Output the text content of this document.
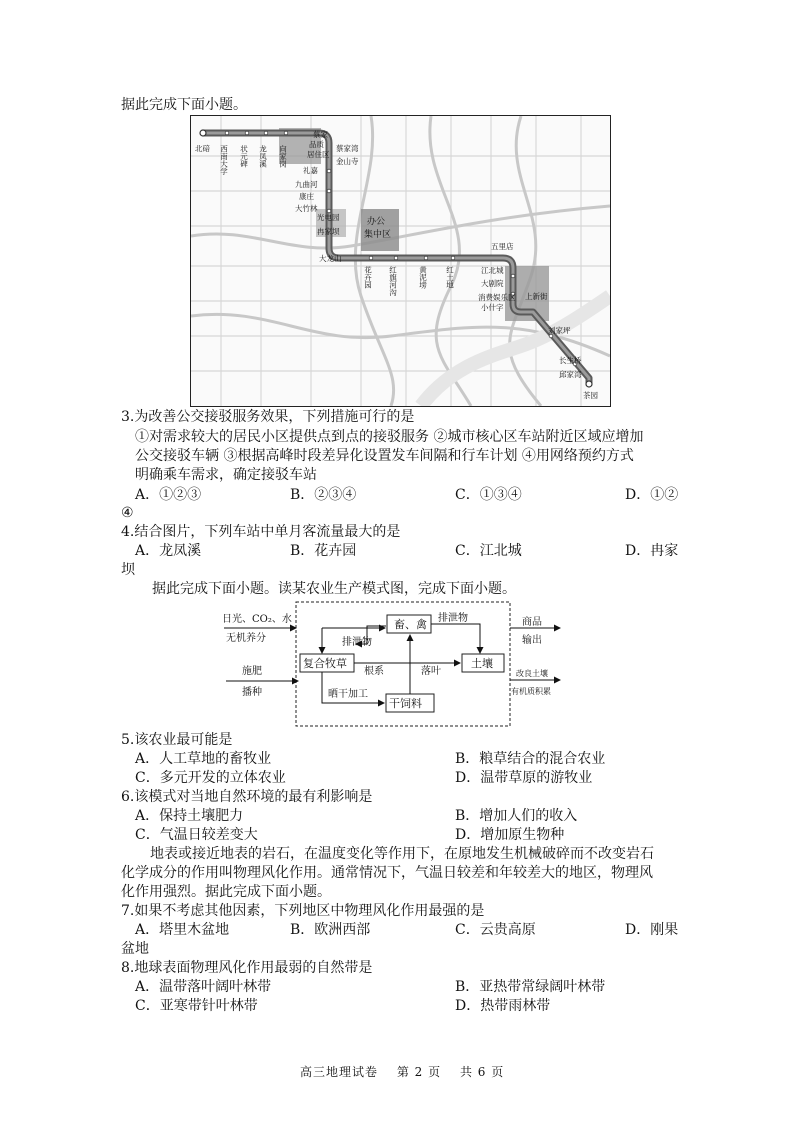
据此完成下面小题。
北碚 西南大学 状元碑 龙凤溪 向家岗
蔡家
品质
居住区
蔡家湾
金山寺
礼嘉
九曲河
康庄
大竹林
光电园
冉家坝
办公
集中区
大龙山
花卉园 红旗河沟	黄泥塝 红土地
五里店
江北城
大剧院
消费娱乐区 上新街
小什字
刘家坪
长生桥
邱家湾
茶园
3.为改善公交接驳服务效果，下列措施可行的是
①对需求较大的居民小区提供点到点的接驳服务 ②城市核心区车站附近区域应增加
公交接驳车辆 ③根据高峰时段差异化设置发车间隔和行车计划 ④用网络预约方式
明确乘车需求，确定接驳车站
A．①②③	B．②③④	C．①③④	D．①②
④
4.结合图片，下列车站中单月客流量最大的是
A．龙凤溪	B．花卉园	C．江北城	D．冉家
坝
据此完成下面小题。读某农业生产模式图，完成下面小题。
畜、禽
复合牧草	土壤
干饲料
日光、CO₂、水
无机养分
施肥
播种
排泄物
排泄物
根系	落叶
晒干加工
商品
输出
改良土壤
有机质积累
5.该农业最可能是
A．人工草地的畜牧业	B．粮草结合的混合农业
C．多元开发的立体农业	D．温带草原的游牧业
6.该模式对当地自然环境的最有利影响是
A．保持土壤肥力	B．增加人们的收入
C．气温日较差变大	D．增加原生物种
地表或接近地表的岩石，在温度变化等作用下，在原地发生机械破碎而不改变岩石
化学成分的作用叫物理风化作用。通常情况下，气温日较差和年较差大的地区，物理风
化作用强烈。据此完成下面小题。
7.如果不考虑其他因素，下列地区中物理风化作用最强的是
A．塔里木盆地	B．欧洲西部	C．云贵高原	D．刚果
盆地
8.地球表面物理风化作用最弱的自然带是
A．温带落叶阔叶林带	B．亚热带常绿阔叶林带
C．亚寒带针叶林带	D．热带雨林带
高三地理试卷 第 2 页 共 6 页
